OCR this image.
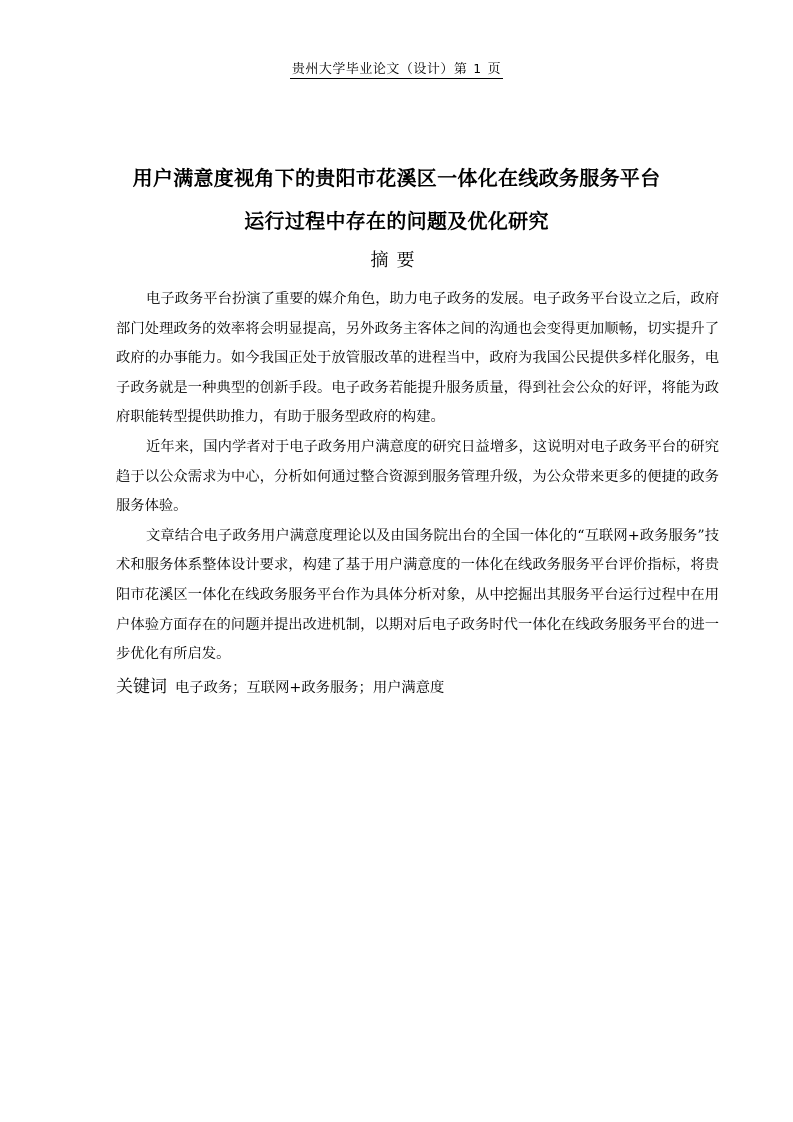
贵州大学毕业论文（设计）第 1 页
用户满意度视角下的贵阳市花溪区一体化在线政务服务平台
运行过程中存在的问题及优化研究
摘要

电子政务平台扮演了重要的媒介角色，助力电子政务的发展。电子政务平台设立之后，政府部门处理政务的效率将会明显提高，另外政务主客体之间的沟通也会变得更加顺畅，切实提升了政府的办事能力。如今我国正处于放管服改革的进程当中，政府为我国公民提供多样化服务，电子政务就是一种典型的创新手段。电子政务若能提升服务质量，得到社会公众的好评，将能为政府职能转型提供助推力，有助于服务型政府的构建。

近年来，国内学者对于电子政务用户满意度的研究日益增多，这说明对电子政务平台的研究趋于以公众需求为中心，分析如何通过整合资源到服务管理升级，为公众带来更多的便捷的政务服务体验。

文章结合电子政务用户满意度理论以及由国务院出台的全国一体化的“互联网+政务服务”技术和服务体系整体设计要求，构建了基于用户满意度的一体化在线政务服务平台评价指标，将贵阳市花溪区一体化在线政务服务平台作为具体分析对象，从中挖掘出其服务平台运行过程中在用户体验方面存在的问题并提出改进机制，以期对后电子政务时代一体化在线政务服务平台的进一步优化有所启发。

关键词 电子政务；互联网+政务服务；用户满意度
